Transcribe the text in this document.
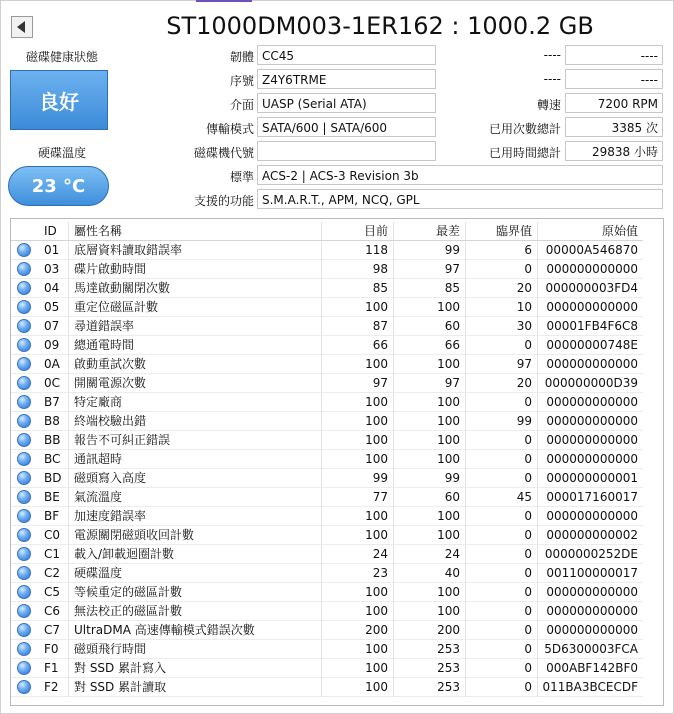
ST1000DM003-1ER162 : 1000.2 GB
磁碟健康狀態
良好
硬碟溫度
23 °C
韌體 CC45
序號 Z4Y6TRME
介面 UASP (Serial ATA)
傳輸模式 SATA/600 | SATA/600
磁碟機代號
標準 ACS-2 | ACS-3 Revision 3b
支援的功能 S.M.A.R.T., APM, NCQ, GPL
----	----
----	----
轉速	7200 RPM
已用次數總計	3385 次
已用時間總計	29838 小時
ID	屬性名稱	目前	最差	臨界值	原始值
01	底層資料讀取錯誤率	118	99	6	00000A546870
03	碟片啟動時間	98	97	0	000000000000
04	馬達啟動關閉次數	85	85	20	000000003FD4
05	重定位磁區計數	100	100	10	000000000000
07	尋道錯誤率	87	60	30	00001FB4F6C8
09	總通電時間	66	66	0	00000000748E
0A	啟動重試次數	100	100	97	000000000000
0C	開關電源次數	97	97	20	000000000D39
B7	特定廠商	100	100	0	000000000000
B8	終端校驗出錯	100	100	99	000000000000
BB	報告不可糾正錯誤	100	100	0	000000000000
BC	通訊超時	100	100	0	000000000000
BD	磁頭寫入高度	99	99	0	000000000001
BE	氣流溫度	77	60	45	000017160017
BF	加速度錯誤率	100	100	0	000000000000
C0	電源關閉磁頭收回計數	100	100	0	000000000002
C1	載入/卸載迴圈計數	24	24	0	0000000252DE
C2	硬碟溫度	23	40	0	001100000017
C5	等候重定的磁區計數	100	100	0	000000000000
C6	無法校正的磁區計數	100	100	0	000000000000
C7	UltraDMA 高速傳輸模式錯誤次數	200	200	0	000000000000
F0	磁頭飛行時間	100	253	0	5D6300003FCA
F1	對 SSD 累計寫入	100	253	0	000ABF142BF0
F2	對 SSD 累計讀取	100	253	0 011BA3BCECDF
